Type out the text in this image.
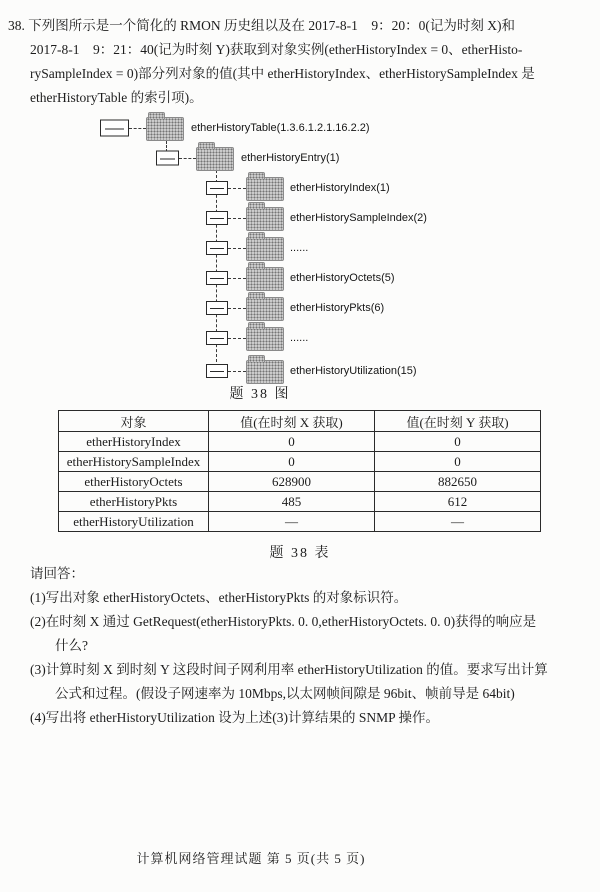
38. 下列图所示是一个简化的 RMON 历史组以及在 2017-8-1　9：20：0(记为时刻 X)和
2017-8-1　9：21：40(记为时刻 Y)获取到对象实例(etherHistoryIndex = 0、etherHisto-
rySampleIndex = 0)部分列对象的值(其中 etherHistoryIndex、etherHistorySampleIndex 是
etherHistoryTable 的索引项)。
etherHistoryTable(1.3.6.1.2.1.16.2.2)
etherHistoryEntry(1)
etherHistoryIndex(1)
etherHistorySampleIndex(2)
......
etherHistoryOctets(5)
etherHistoryPkts(6)
......
etherHistoryUtilization(15)
题 38 图
对象	值(在时刻 X 获取)	值(在时刻 Y 获取)
etherHistoryIndex	0	0
etherHistorySampleIndex	0	0
etherHistoryOctets	628900	882650
etherHistoryPkts	485	612
etherHistoryUtilization	—	—
题 38 表
请回答：
(1)写出对象 etherHistoryOctets、etherHistoryPkts 的对象标识符。
(2)在时刻 X 通过 GetRequest(etherHistoryPkts. 0. 0,etherHistoryOctets. 0. 0)获得的响应是
什么?
(3)计算时刻 X 到时刻 Y 这段时间子网利用率 etherHistoryUtilization 的值。要求写出计算
公式和过程。(假设子网速率为 10Mbps,以太网帧间隙是 96bit、帧前导是 64bit)
(4)写出将 etherHistoryUtilization 设为上述(3)计算结果的 SNMP 操作。
计算机网络管理试题 第 5 页(共 5 页)
